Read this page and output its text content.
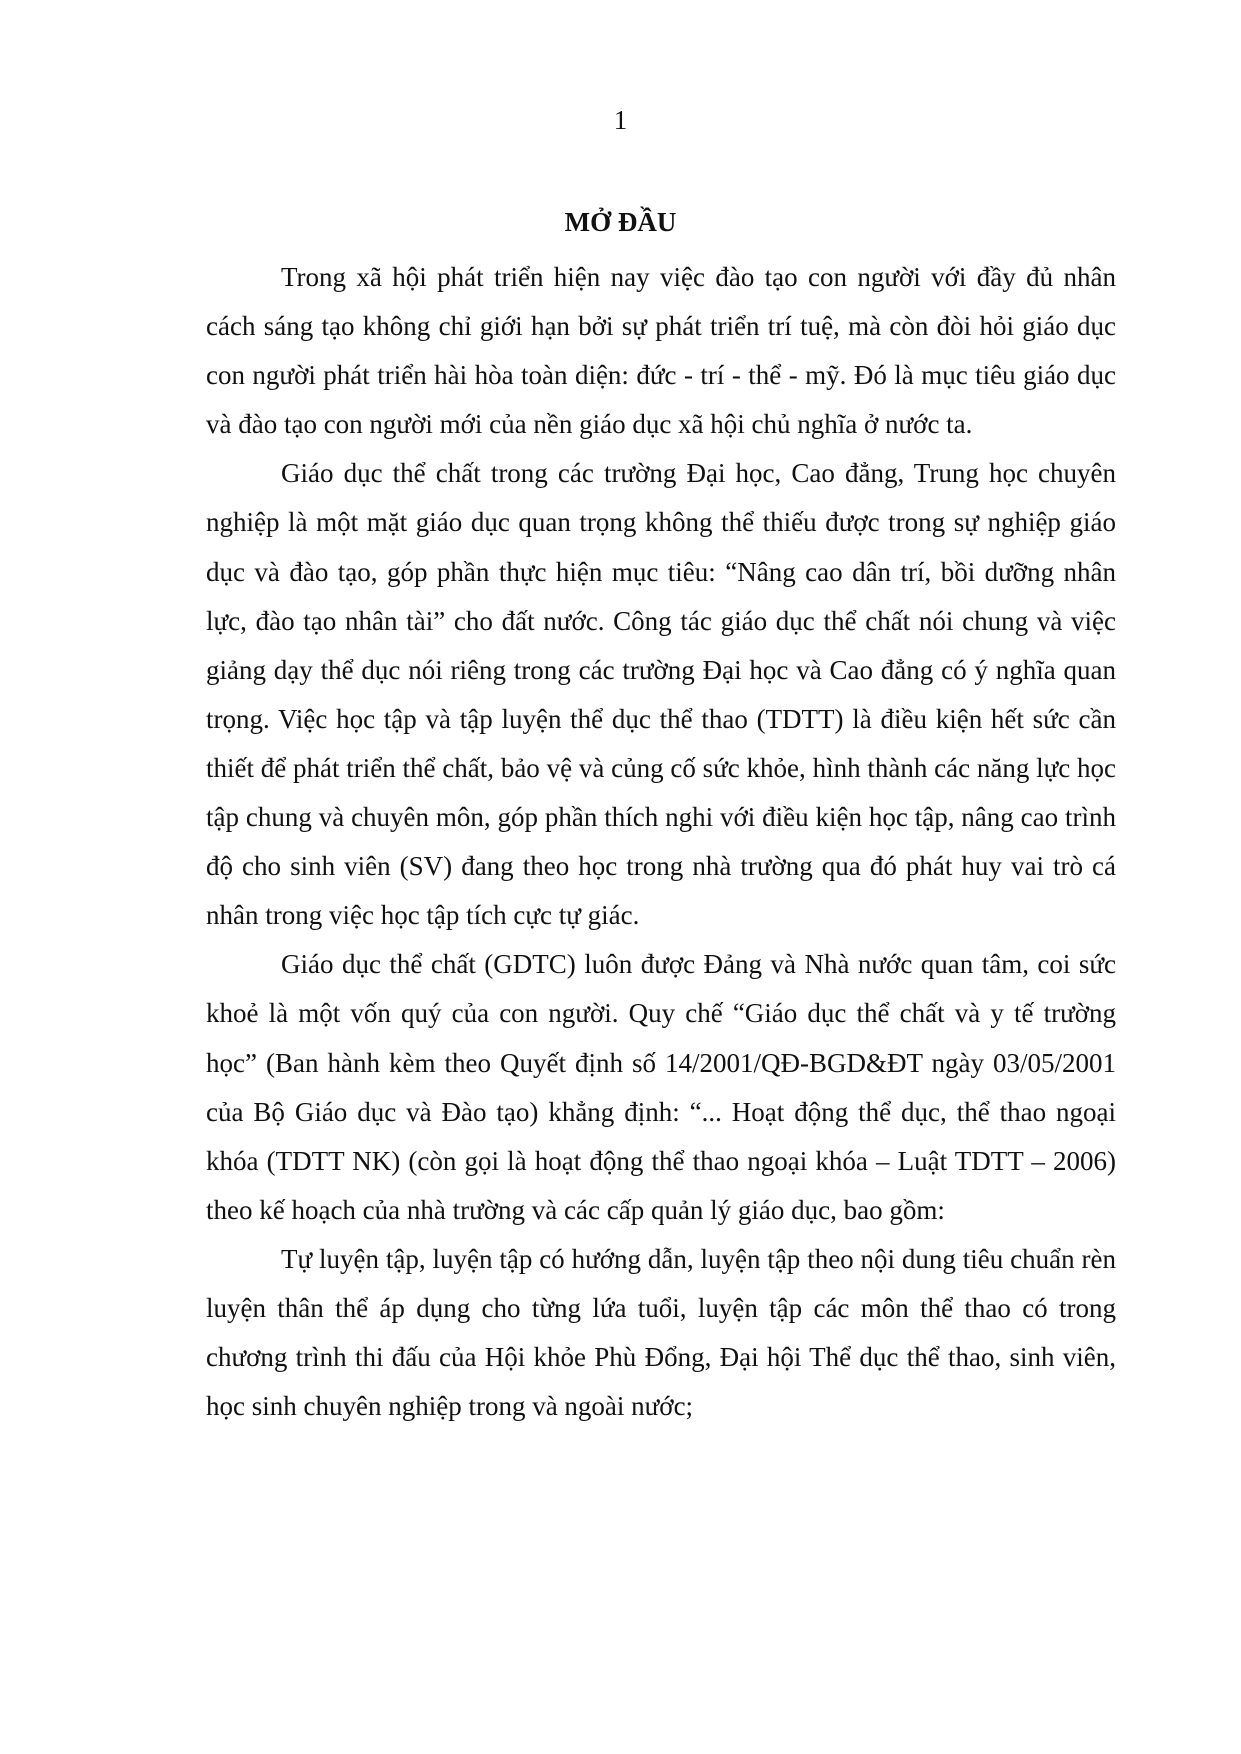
1

MỞ ĐẦU

Trong xã hội phát triển hiện nay việc đào tạo con người với đầy đủ nhân cách sáng tạo không chỉ giới hạn bởi sự phát triển trí tuệ, mà còn đòi hỏi giáo dục con người phát triển hài hòa toàn diện: đức - trí - thể - mỹ. Đó là mục tiêu giáo dục và đào tạo con người mới của nền giáo dục xã hội chủ nghĩa ở nước ta.

Giáo dục thể chất trong các trường Đại học, Cao đẳng, Trung học chuyên nghiệp là một mặt giáo dục quan trọng không thể thiếu được trong sự nghiệp giáo dục và đào tạo, góp phần thực hiện mục tiêu: “Nâng cao dân trí, bồi dưỡng nhân lực, đào tạo nhân tài” cho đất nước. Công tác giáo dục thể chất nói chung và việc giảng dạy thể dục nói riêng trong các trường Đại học và Cao đẳng có ý nghĩa quan trọng. Việc học tập và tập luyện thể dục thể thao (TDTT) là điều kiện hết sức cần thiết để phát triển thể chất, bảo vệ và củng cố sức khỏe, hình thành các năng lực học tập chung và chuyên môn, góp phần thích nghi với điều kiện học tập, nâng cao trình độ cho sinh viên (SV) đang theo học trong nhà trường qua đó phát huy vai trò cá nhân trong việc học tập tích cực tự giác.

Giáo dục thể chất (GDTC) luôn được Đảng và Nhà nước quan tâm, coi sức khoẻ là một vốn quý của con người. Quy chế “Giáo dục thể chất và y tế trường học” (Ban hành kèm theo Quyết định số 14/2001/QĐ-BGD&ĐT ngày 03/05/2001 của Bộ Giáo dục và Đào tạo) khẳng định: “... Hoạt động thể dục, thể thao ngoại khóa (TDTT NK) (còn gọi là hoạt động thể thao ngoại khóa – Luật TDTT – 2006) theo kế hoạch của nhà trường và các cấp quản lý giáo dục, bao gồm:

Tự luyện tập, luyện tập có hướng dẫn, luyện tập theo nội dung tiêu chuẩn rèn luyện thân thể áp dụng cho từng lứa tuổi, luyện tập các môn thể thao có trong chương trình thi đấu của Hội khỏe Phù Đổng, Đại hội Thể dục thể thao, sinh viên, học sinh chuyên nghiệp trong và ngoài nước;
